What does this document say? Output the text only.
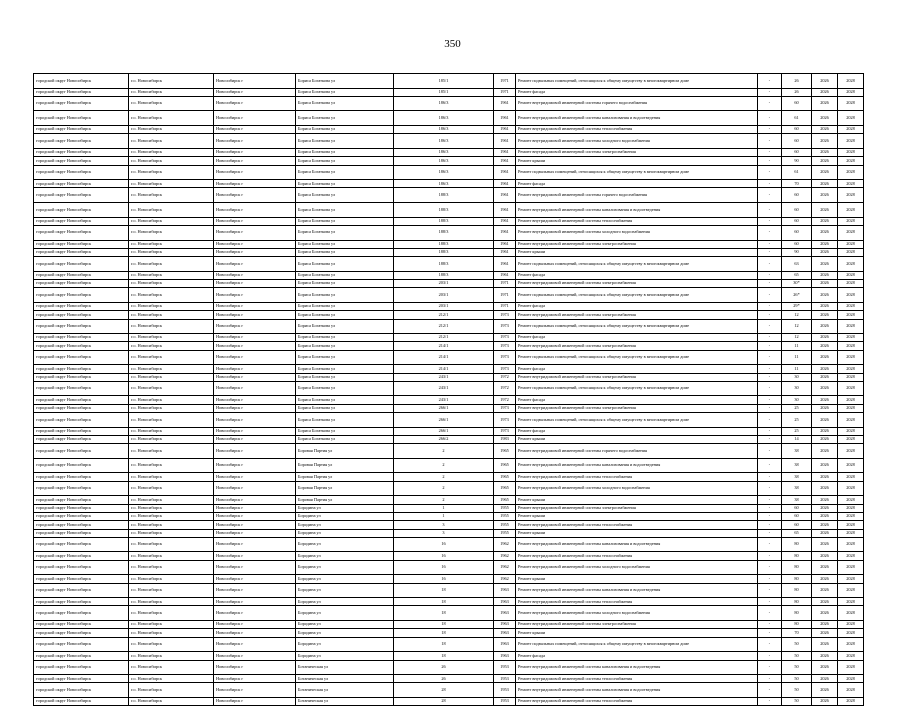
350
городской округ Новосибирск	г.о. Новосибирск	Новосибирск г	Бориса Богаткова ул	185/1	1971	Ремонт подвальных помещений, относящихся к общему имуществу в многоквартирном доме	-	26	2026	2028
городской округ Новосибирск	г.о. Новосибирск	Новосибирск г	Бориса Богаткова ул	185/1	1971	Ремонт фасада	-	26	2026	2028
городской округ Новосибирск	г.о. Новосибирск	Новосибирск г	Бориса Богаткова ул	186/3	1961	Ремонт внутридомовой инженерной системы горячего водоснабжения	-	60	2026	2028
городской округ Новосибирск	г.о. Новосибирск	Новосибирск г	Бориса Богаткова ул	186/3	1961	Ремонт внутридомовой инженерной системы канализования и водоотведения	-	61	2026	2028
городской округ Новосибирск	г.о. Новосибирск	Новосибирск г	Бориса Богаткова ул	186/3	1961	Ремонт внутридомовой инженерной системы теплоснабжения	-	60	2026	2028
городской округ Новосибирск	г.о. Новосибирск	Новосибирск г	Бориса Богаткова ул	186/3	1961	Ремонт внутридомовой инженерной системы холодного водоснабжения	-	60	2026	2028
городской округ Новосибирск	г.о. Новосибирск	Новосибирск г	Бориса Богаткова ул	186/3	1961	Ремонт внутридомовой инженерной системы электроснабжения	-	60	2026	2028
городской округ Новосибирск	г.о. Новосибирск	Новосибирск г	Бориса Богаткова ул	186/3	1961	Ремонт крыши	-	90	2026	2028
городской округ Новосибирск	г.о. Новосибирск	Новосибирск г	Бориса Богаткова ул	186/3	1961	Ремонт подвальных помещений, относящихся к общему имуществу в многоквартирном доме	-	61	2026	2028
городской округ Новосибирск	г.о. Новосибирск	Новосибирск г	Бориса Богаткова ул	186/3	1961	Ремонт фасада	-	70	2026	2028
городской округ Новосибирск	г.о. Новосибирск	Новосибирск г	Бориса Богаткова ул	188/3	1961	Ремонт внутридомовой инженерной системы горячего водоснабжения	-	60	2026	2028
городской округ Новосибирск	г.о. Новосибирск	Новосибирск г	Бориса Богаткова ул	188/3	1961	Ремонт внутридомовой инженерной системы канализования и водоотведения	-	60	2026	2028
городской округ Новосибирск	г.о. Новосибирск	Новосибирск г	Бориса Богаткова ул	188/3	1961	Ремонт внутридомовой инженерной системы теплоснабжения	-	60	2026	2028
городской округ Новосибирск	г.о. Новосибирск	Новосибирск г	Бориса Богаткова ул	188/3	1961	Ремонт внутридомовой инженерной системы холодного водоснабжения	-	60	2026	2028
городской округ Новосибирск	г.о. Новосибирск	Новосибирск г	Бориса Богаткова ул	188/3	1961	Ремонт внутридомовой инженерной системы электроснабжения	-	60	2026	2028
городской округ Новосибирск	г.о. Новосибирск	Новосибирск г	Бориса Богаткова ул	188/3	1961	Ремонт крыши	-	90	2026	2028
городской округ Новосибирск	г.о. Новосибирск	Новосибирск г	Бориса Богаткова ул	188/3	1961	Ремонт подвальных помещений, относящихся к общему имуществу в многоквартирном доме	-	63	2026	2028
городской округ Новосибирск	г.о. Новосибирск	Новосибирск г	Бориса Богаткова ул	188/3	1961	Ремонт фасада	-	65	2026	2028
городской округ Новосибирск	г.о. Новосибирск	Новосибирск г	Бориса Богаткова ул	203/1	1971	Ремонт внутридомовой инженерной системы электроснабжения	-	30*	2026	2028
городской округ Новосибирск	г.о. Новосибирск	Новосибирск г	Бориса Богаткова ул	203/1	1971	Ремонт подвальных помещений, относящихся к общему имуществу в многоквартирном доме	-	26*	2026	2028
городской округ Новосибирск	г.о. Новосибирск	Новосибирск г	Бориса Богаткова ул	203/1	1971	Ремонт фасада	-	29*	2026	2028
городской округ Новосибирск	г.о. Новосибирск	Новосибирск г	Бориса Богаткова ул	212/1	1973	Ремонт внутридомовой инженерной системы электроснабжения	-	12	2026	2028
городской округ Новосибирск	г.о. Новосибирск	Новосибирск г	Бориса Богаткова ул	212/1	1973	Ремонт подвальных помещений, относящихся к общему имуществу в многоквартирном доме	-	12	2026	2028
городской округ Новосибирск	г.о. Новосибирск	Новосибирск г	Бориса Богаткова ул	212/1	1973	Ремонт фасада	-	12	2026	2028
городской округ Новосибирск	г.о. Новосибирск	Новосибирск г	Бориса Богаткова ул	214/1	1973	Ремонт внутридомовой инженерной системы электроснабжения	-	11	2026	2028
городской округ Новосибирск	г.о. Новосибирск	Новосибирск г	Бориса Богаткова ул	214/1	1973	Ремонт подвальных помещений, относящихся к общему имуществу в многоквартирном доме	-	11	2026	2028
городской округ Новосибирск	г.о. Новосибирск	Новосибирск г	Бориса Богаткова ул	214/1	1973	Ремонт фасада	-	11	2026	2028
городской округ Новосибирск	г.о. Новосибирск	Новосибирск г	Бориса Богаткова ул	243/1	1972	Ремонт внутридомовой инженерной системы электроснабжения	-	30	2026	2028
городской округ Новосибирск	г.о. Новосибирск	Новосибирск г	Бориса Богаткова ул	243/1	1972	Ремонт подвальных помещений, относящихся к общему имуществу в многоквартирном доме	-	30	2026	2028
городской округ Новосибирск	г.о. Новосибирск	Новосибирск г	Бориса Богаткова ул	243/1	1972	Ремонт фасада	-	30	2026	2028
городской округ Новосибирск	г.о. Новосибирск	Новосибирск г	Бориса Богаткова ул	266/1	1973	Ремонт внутридомовой инженерной системы электроснабжения	-	25	2026	2028
городской округ Новосибирск	г.о. Новосибирск	Новосибирск г	Бориса Богаткова ул	266/1	1973	Ремонт подвальных помещений, относящихся к общему имуществу в многоквартирном доме	-	25	2026	2028
городской округ Новосибирск	г.о. Новосибирск	Новосибирск г	Бориса Богаткова ул	266/1	1973	Ремонт фасада	-	25	2026	2028
городской округ Новосибирск	г.о. Новосибирск	Новосибирск г	Бориса Богаткова ул	266/2	1983	Ремонт крыши	-	14	2026	2028
городской округ Новосибирск	г.о. Новосибирск	Новосибирск г	Боровая Партия ул	2	1965	Ремонт внутридомовой инженерной системы горячего водоснабжения	-	38	2026	2028
городской округ Новосибирск	г.о. Новосибирск	Новосибирск г	Боровая Партия ул	2	1965	Ремонт внутридомовой инженерной системы канализования и водоотведения	-	38	2026	2028
городской округ Новосибирск	г.о. Новосибирск	Новосибирск г	Боровая Партия ул	2	1965	Ремонт внутридомовой инженерной системы теплоснабжения	-	38	2026	2028
городской округ Новосибирск	г.о. Новосибирск	Новосибирск г	Боровая Партия ул	2	1965	Ремонт внутридомовой инженерной системы холодного водоснабжения	-	38	2026	2028
городской округ Новосибирск	г.о. Новосибирск	Новосибирск г	Боровая Партия ул	2	1965	Ремонт крыши	-	38	2026	2028
городской округ Новосибирск	г.о. Новосибирск	Новосибирск г	Бородина ул	1	1955	Ремонт внутридомовой инженерной системы электроснабжения	-	60	2026	2028
городской округ Новосибирск	г.о. Новосибирск	Новосибирск г	Бородина ул	1	1955	Ремонт крыши	-	60	2026	2028
городской округ Новосибирск	г.о. Новосибирск	Новосибирск г	Бородина ул	3	1955	Ремонт внутридомовой инженерной системы теплоснабжения	-	60	2026	2028
городской округ Новосибирск	г.о. Новосибирск	Новосибирск г	Бородина ул	3	1955	Ремонт крыши	-	65	2026	2028
городской округ Новосибирск	г.о. Новосибирск	Новосибирск г	Бородина ул	16	1962	Ремонт внутридомовой инженерной системы канализования и водоотведения	-	80	2026	2028
городской округ Новосибирск	г.о. Новосибирск	Новосибирск г	Бородина ул	16	1962	Ремонт внутридомовой инженерной системы теплоснабжения	-	80	2026	2028
городской округ Новосибирск	г.о. Новосибирск	Новосибирск г	Бородина ул	16	1962	Ремонт внутридомовой инженерной системы холодного водоснабжения	-	80	2026	2028
городской округ Новосибирск	г.о. Новосибирск	Новосибирск г	Бородина ул	16	1962	Ремонт крыши	-	80	2026	2028
городской округ Новосибирск	г.о. Новосибирск	Новосибирск г	Бородина ул	18	1963	Ремонт внутридомовой инженерной системы канализования и водоотведения	-	80	2026	2028
городской округ Новосибирск	г.о. Новосибирск	Новосибирск г	Бородина ул	18	1963	Ремонт внутридомовой инженерной системы теплоснабжения	-	80	2026	2028
городской округ Новосибирск	г.о. Новосибирск	Новосибирск г	Бородина ул	18	1963	Ремонт внутридомовой инженерной системы холодного водоснабжения	-	80	2026	2028
городской округ Новосибирск	г.о. Новосибирск	Новосибирск г	Бородина ул	18	1963	Ремонт внутридомовой инженерной системы электроснабжения	-	80	2026	2028
городской округ Новосибирск	г.о. Новосибирск	Новосибирск г	Бородина ул	18	1963	Ремонт крыши	-	70	2026	2028
городской округ Новосибирск	г.о. Новосибирск	Новосибирск г	Бородина ул	18	1963	Ремонт подвальных помещений, относящихся к общему имуществу в многоквартирном доме	-	50	2026	2028
городской округ Новосибирск	г.о. Новосибирск	Новосибирск г	Бородина ул	18	1963	Ремонт фасада	-	50	2026	2028
городской округ Новосибирск	г.о. Новосибирск	Новосибирск г	Ботаническая ул	26	1953	Ремонт внутридомовой инженерной системы канализования и водоотведения	-	50	2026	2028
городской округ Новосибирск	г.о. Новосибирск	Новосибирск г	Ботаническая ул	26	1953	Ремонт внутридомовой инженерной системы теплоснабжения	-	50	2026	2028
городской округ Новосибирск	г.о. Новосибирск	Новосибирск г	Ботаническая ул	28	1953	Ремонт внутридомовой инженерной системы канализования и водоотведения	-	50	2026	2028
городской округ Новосибирск	г.о. Новосибирск	Новосибирск г	Ботаническая ул	28	1953	Ремонт внутридомовой инженерной системы теплоснабжения	-	50	2026	2028
